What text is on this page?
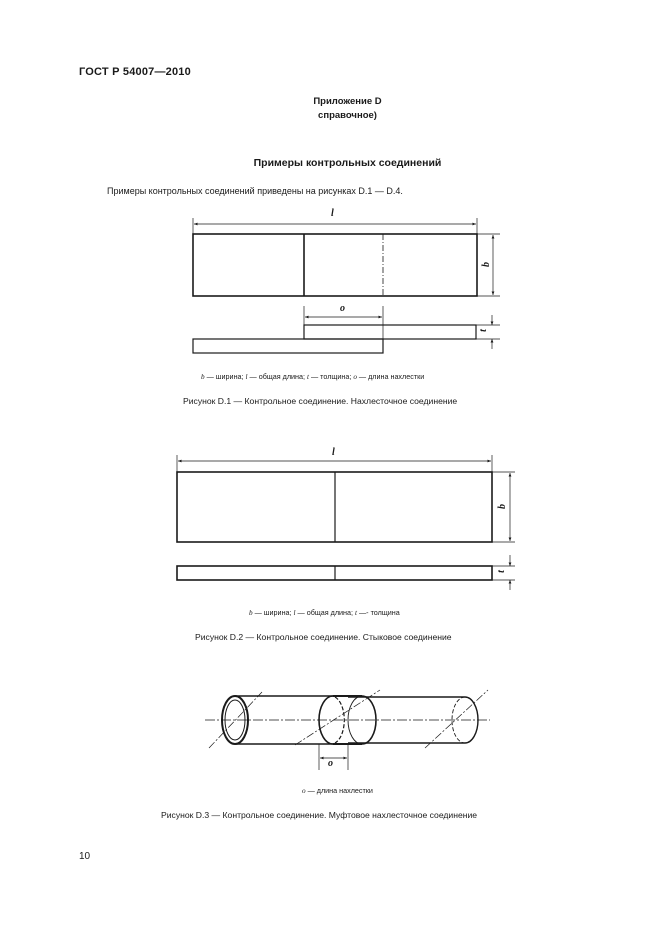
ГОСТ Р 54007—2010
Приложение D
справочное)
Примеры контрольных соединений
Примеры контрольных соединений приведены на рисунках D.1 — D.4.
l
b
o
t
b — ширина; l — общая длина; t — толщина; o — длина нахлестки
Рисунок D.1 — Контрольное соединение. Нахлесточное соединение
l
b
t
b — ширина; l — общая длина; t —- толщина
Рисунок D.2 — Контрольное соединение. Стыковое соединение
o
o — длина нахлестки
Рисунок D.3 — Контрольное соединение. Муфтовое нахлесточное соединение
10
